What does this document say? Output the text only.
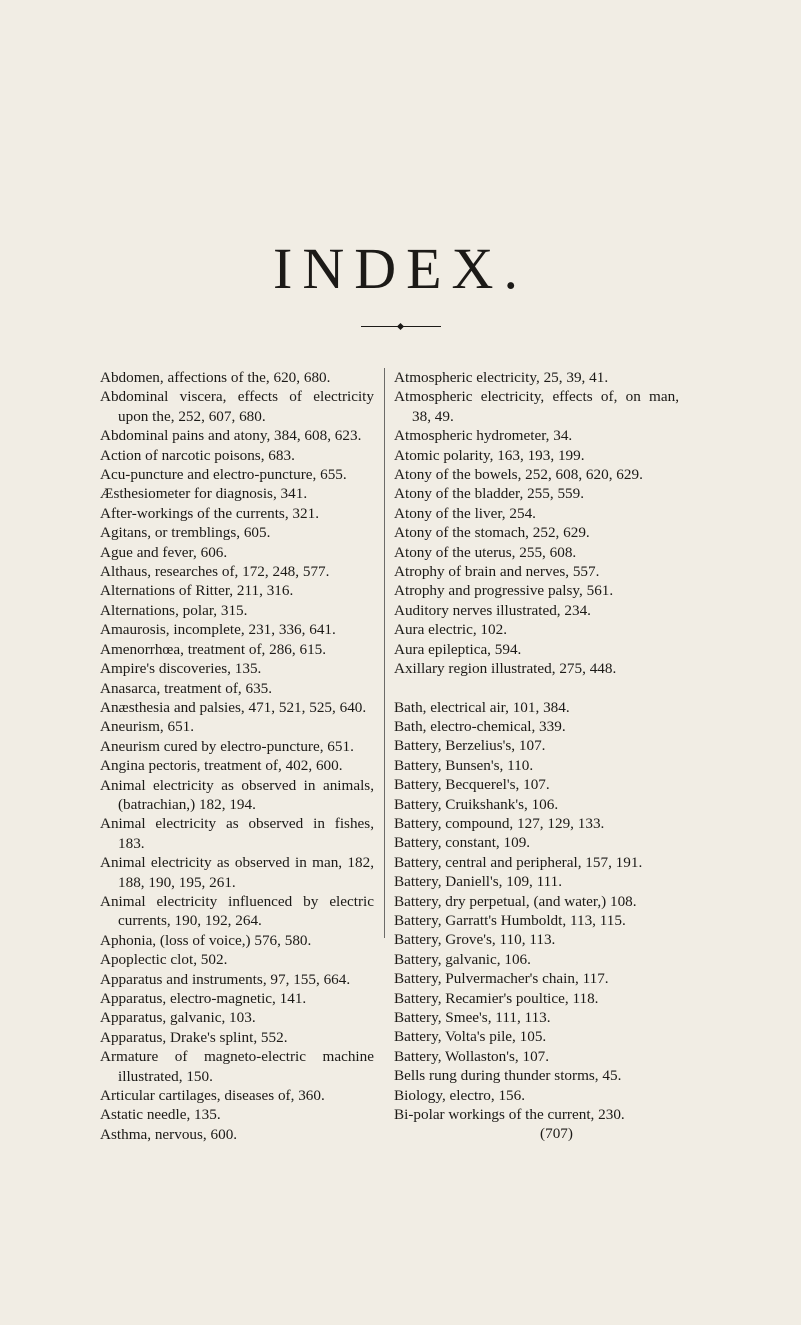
INDEX.
Abdomen, affections of the, 620, 680.
Abdominal viscera, effects of electricity upon the, 252, 607, 680.
Abdominal pains and atony, 384, 608, 623.
Action of narcotic poisons, 683.
Acu-puncture and electro-puncture, 655.
Æsthesiometer for diagnosis, 341.
After-workings of the currents, 321.
Agitans, or tremblings, 605.
Ague and fever, 606.
Althaus, researches of, 172, 248, 577.
Alternations of Ritter, 211, 316.
Alternations, polar, 315.
Amaurosis, incomplete, 231, 336, 641.
Amenorrhœa, treatment of, 286, 615.
Ampire's discoveries, 135.
Anasarca, treatment of, 635.
Anæsthesia and palsies, 471, 521, 525, 640.
Aneurism, 651.
Aneurism cured by electro-puncture, 651.
Angina pectoris, treatment of, 402, 600.
Animal electricity as observed in animals, (batrachian,) 182, 194.
Animal electricity as observed in fishes, 183.
Animal electricity as observed in man, 182, 188, 190, 195, 261.
Animal electricity influenced by electric currents, 190, 192, 264.
Aphonia, (loss of voice,) 576, 580.
Apoplectic clot, 502.
Apparatus and instruments, 97, 155, 664.
Apparatus, electro-magnetic, 141.
Apparatus, galvanic, 103.
Apparatus, Drake's splint, 552.
Armature of magneto-electric machine illustrated, 150.
Articular cartilages, diseases of, 360.
Astatic needle, 135.
Asthma, nervous, 600.
Atmospheric electricity, 25, 39, 41.
Atmospheric electricity, effects of, on man, 38, 49.
Atmospheric hydrometer, 34.
Atomic polarity, 163, 193, 199.
Atony of the bowels, 252, 608, 620, 629.
Atony of the bladder, 255, 559.
Atony of the liver, 254.
Atony of the stomach, 252, 629.
Atony of the uterus, 255, 608.
Atrophy of brain and nerves, 557.
Atrophy and progressive palsy, 561.
Auditory nerves illustrated, 234.
Aura electric, 102.
Aura epileptica, 594.
Axillary region illustrated, 275, 448.
Bath, electrical air, 101, 384.
Bath, electro-chemical, 339.
Battery, Berzelius's, 107.
Battery, Bunsen's, 110.
Battery, Becquerel's, 107.
Battery, Cruikshank's, 106.
Battery, compound, 127, 129, 133.
Battery, constant, 109.
Battery, central and peripheral, 157, 191.
Battery, Daniell's, 109, 111.
Battery, dry perpetual, (and water,) 108.
Battery, Garratt's Humboldt, 113, 115.
Battery, Grove's, 110, 113.
Battery, galvanic, 106.
Battery, Pulvermacher's chain, 117.
Battery, Recamier's poultice, 118.
Battery, Smee's, 111, 113.
Battery, Volta's pile, 105.
Battery, Wollaston's, 107.
Bells rung during thunder storms, 45.
Biology, electro, 156.
Bi-polar workings of the current, 230.
(707)
